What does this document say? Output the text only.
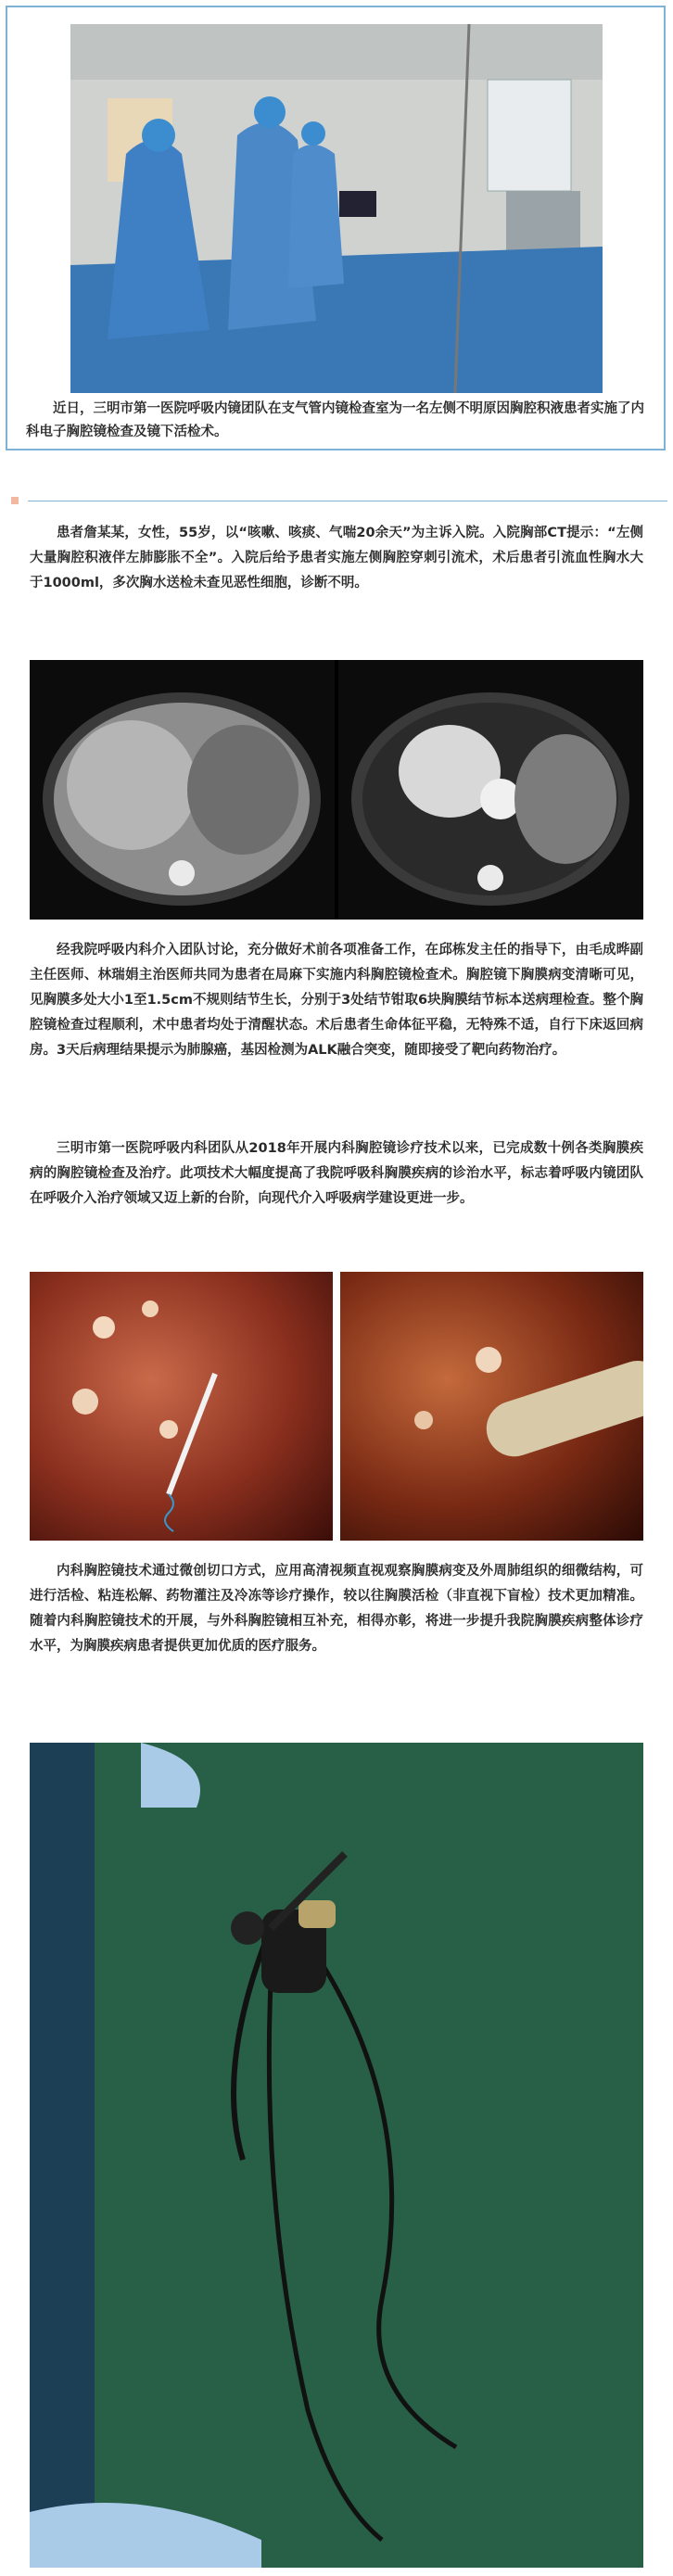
近日，三明市第一医院呼吸内镜团队在支气管内镜检查室为一名左侧不明原因胸腔积液患者实施了内科电子胸腔镜检查及镜下活检术。

患者詹某某，女性，55岁，以“咳嗽、咳痰、气喘20余天”为主诉入院。入院胸部CT提示：“左侧大量胸腔积液伴左肺膨胀不全”。入院后给予患者实施左侧胸腔穿刺引流术，术后患者引流血性胸水大于1000ml，多次胸水送检未查见恶性细胞，诊断不明。

经我院呼吸内科介入团队讨论，充分做好术前各项准备工作，在邱栋发主任的指导下，由毛成晔副主任医师、林瑞娟主治医师共同为患者在局麻下实施内科胸腔镜检查术。胸腔镜下胸膜病变清晰可见，见胸膜多处大小1至1.5cm不规则结节生长，分别于3处结节钳取6块胸膜结节标本送病理检查。整个胸腔镜检查过程顺利，术中患者均处于清醒状态。术后患者生命体征平稳，无特殊不适，自行下床返回病房。3天后病理结果提示为肺腺癌，基因检测为ALK融合突变，随即接受了靶向药物治疗。

三明市第一医院呼吸内科团队从2018年开展内科胸腔镜诊疗技术以来，已完成数十例各类胸膜疾病的胸腔镜检查及治疗。此项技术大幅度提高了我院呼吸科胸膜疾病的诊治水平，标志着呼吸内镜团队在呼吸介入治疗领域又迈上新的台阶，向现代介入呼吸病学建设更进一步。

内科胸腔镜技术通过微创切口方式，应用高清视频直视观察胸膜病变及外周肺组织的细微结构，可进行活检、粘连松解、药物灌注及冷冻等诊疗操作，较以往胸膜活检（非直视下盲检）技术更加精准。随着内科胸腔镜技术的开展，与外科胸腔镜相互补充，相得亦彰，将进一步提升我院胸膜疾病整体诊疗水平，为胸膜疾病患者提供更加优质的医疗服务。
